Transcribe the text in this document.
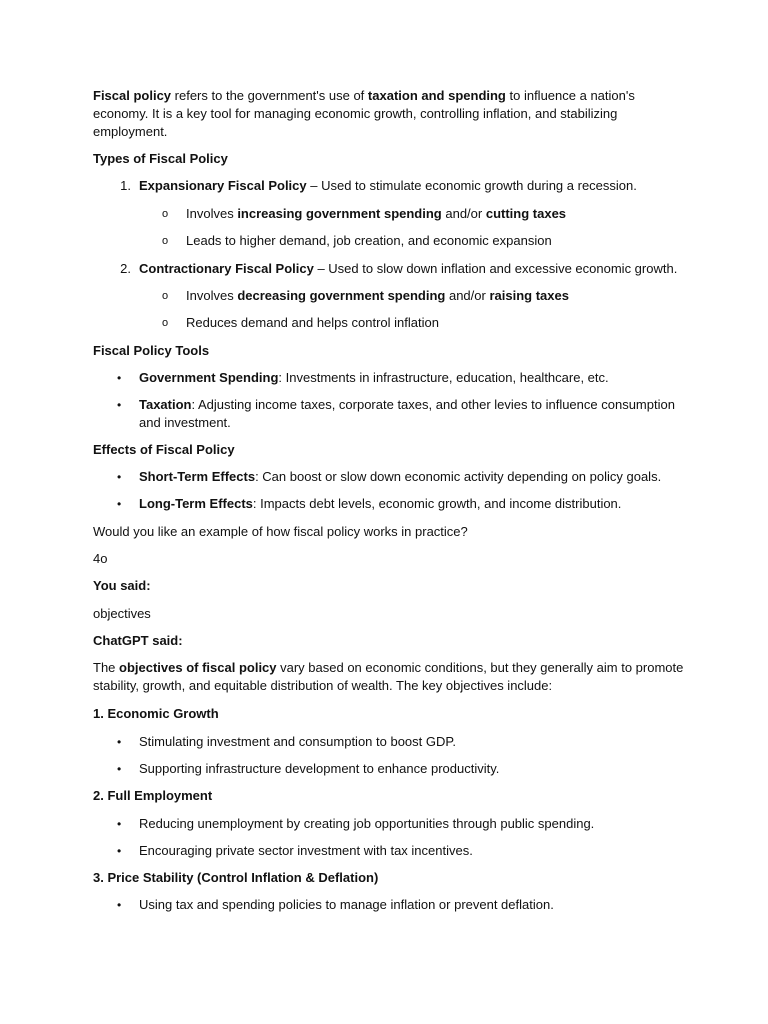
Fiscal policy refers to the government's use of taxation and spending to influence a nation's economy. It is a key tool for managing economic growth, controlling inflation, and stabilizing employment.

Types of Fiscal Policy

1. Expansionary Fiscal Policy – Used to stimulate economic growth during a recession.

o Involves increasing government spending and/or cutting taxes

o Leads to higher demand, job creation, and economic expansion

2. Contractionary Fiscal Policy – Used to slow down inflation and excessive economic growth.

o Involves decreasing government spending and/or raising taxes

o Reduces demand and helps control inflation

Fiscal Policy Tools

• Government Spending: Investments in infrastructure, education, healthcare, etc.

• Taxation: Adjusting income taxes, corporate taxes, and other levies to influence consumption and investment.

Effects of Fiscal Policy

• Short-Term Effects: Can boost or slow down economic activity depending on policy goals.

• Long-Term Effects: Impacts debt levels, economic growth, and income distribution.

Would you like an example of how fiscal policy works in practice?

4o

You said:

objectives

ChatGPT said:

The objectives of fiscal policy vary based on economic conditions, but they generally aim to promote stability, growth, and equitable distribution of wealth. The key objectives include:

1. Economic Growth

• Stimulating investment and consumption to boost GDP.

• Supporting infrastructure development to enhance productivity.

2. Full Employment

• Reducing unemployment by creating job opportunities through public spending.

• Encouraging private sector investment with tax incentives.

3. Price Stability (Control Inflation & Deflation)

• Using tax and spending policies to manage inflation or prevent deflation.
